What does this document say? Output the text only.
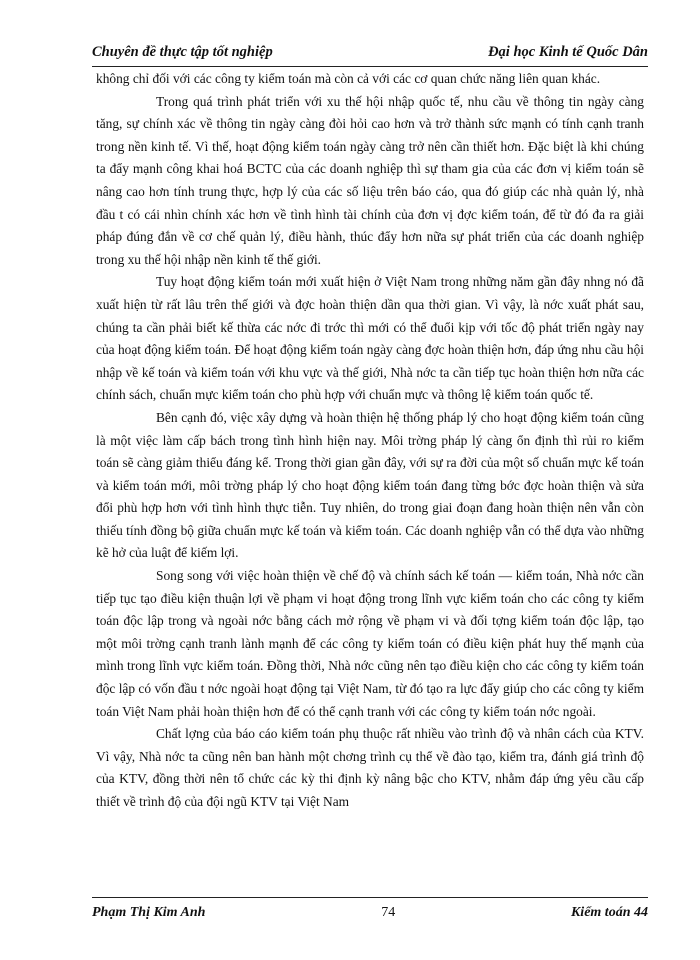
Chuyên đề thực tập tốt nghiệp	Đại học Kinh tế Quốc Dân

không chỉ đối với các công ty kiểm toán mà còn cả với các cơ quan chức năng liên quan khác.

Trong quá trình phát triển với xu thế hội nhập quốc tế, nhu cầu về thông tin ngày càng tăng, sự chính xác về thông tin ngày càng đòi hỏi cao hơn và trở thành sức mạnh có tính cạnh tranh trong nền kinh tế. Vì thế, hoạt động kiểm toán ngày càng trở nên cần thiết hơn. Đặc biệt là khi chúng ta đẩy mạnh công khai hoá BCTC của các doanh nghiệp thì sự tham gia của các đơn vị kiểm toán sẽ nâng cao hơn tính trung thực, hợp lý của các số liệu trên báo cáo, qua đó giúp các nhà quản lý, nhà đầu t có cái nhìn chính xác hơn về tình hình tài chính của đơn vị đợc kiểm toán, để từ đó đa ra giải pháp đúng đắn về cơ chế quản lý, điều hành, thúc đẩy hơn nữa sự phát triển của các doanh nghiệp trong xu thế hội nhập nền kinh tế thế giới.

Tuy hoạt động kiểm toán mới xuất hiện ở Việt Nam trong những năm gần đây nhng nó đã xuất hiện từ rất lâu trên thế giới và đợc hoàn thiện dần qua thời gian. Vì vậy, là nớc xuất phát sau, chúng ta cần phải biết kế thừa các nớc đi trớc thì mới có thể đuổi kịp với tốc độ phát triển ngày nay của hoạt động kiểm toán. Để hoạt động kiểm toán ngày càng đợc hoàn thiện hơn, đáp ứng nhu cầu hội nhập về kế toán và kiểm toán với khu vực và thế giới, Nhà nớc ta cần tiếp tục hoàn thiện hơn nữa các chính sách, chuẩn mực kiểm toán cho phù hợp với chuẩn mực và thông lệ kiểm toán quốc tế.

Bên cạnh đó, việc xây dựng và hoàn thiện hệ thống pháp lý cho hoạt động kiểm toán cũng là một việc làm cấp bách trong tình hình hiện nay. Môi trờng pháp lý càng ổn định thì rủi ro kiểm toán sẽ càng giảm thiểu đáng kể. Trong thời gian gần đây, với sự ra đời của một số chuẩn mực kế toán và kiểm toán mới, môi trờng pháp lý cho hoạt động kiểm toán đang từng bớc đợc hoàn thiện và sửa đổi phù hợp hơn với tình hình thực tiễn. Tuy nhiên, do trong giai đoạn đang hoàn thiện nên vẫn còn thiếu tính đồng bộ giữa chuẩn mực kế toán và kiểm toán. Các doanh nghiệp vẫn có thể dựa vào những kẽ hở của luật để kiếm lợi.

Song song với việc hoàn thiện về chế độ và chính sách kế toán — kiểm toán, Nhà nớc cần tiếp tục tạo điều kiện thuận lợi về phạm vi hoạt động trong lĩnh vực kiểm toán cho các công ty kiểm toán độc lập trong và ngoài nớc bằng cách mở rộng về phạm vi và đối tợng kiểm toán độc lập, tạo một môi trờng cạnh tranh lành mạnh để các công ty kiểm toán có điều kiện phát huy thế mạnh của mình trong lĩnh vực kiểm toán. Đồng thời, Nhà nớc cũng nên tạo điều kiện cho các công ty kiểm toán độc lập có vốn đầu t nớc ngoài hoạt động tại Việt Nam, từ đó tạo ra lực đẩy giúp cho các công ty kiểm toán Việt Nam phải hoàn thiện hơn để có thể cạnh tranh với các công ty kiểm toán nớc ngoài.

Chất lợng của báo cáo kiểm toán phụ thuộc rất nhiều vào trình độ và nhân cách của KTV. Vì vậy, Nhà nớc ta cũng nên ban hành một chơng trình cụ thể về đào tạo, kiểm tra, đánh giá trình độ của KTV, đồng thời nên tổ chức các kỳ thi định kỳ nâng bậc cho KTV, nhằm đáp ứng yêu cầu cấp thiết về trình độ của đội ngũ KTV tại Việt Nam

Phạm Thị Kim Anh	74	Kiểm toán 44
